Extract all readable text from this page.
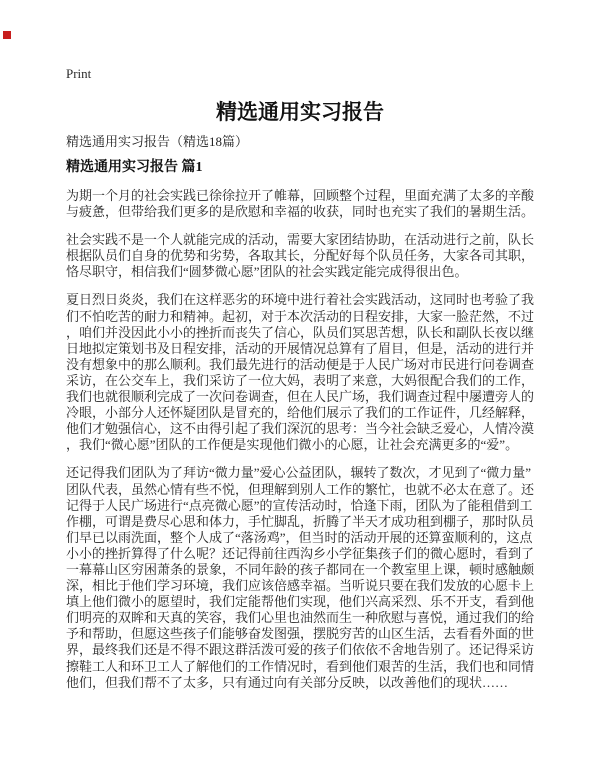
Print
精选通用实习报告
精选通用实习报告（精选18篇）
精选通用实习报告 篇1

为期一个月的社会实践已徐徐拉开了帷幕，回顾整个过程，里面充满了太多的辛酸与疲惫，但带给我们更多的是欣慰和幸福的收获，同时也充实了我们的暑期生活。

社会实践不是一个人就能完成的活动，需要大家团结协助，在活动进行之前，队长根据队员们自身的优势和劣势，各取其长，分配好每个队员任务，大家各司其职，恪尽职守，相信我们“圆梦微心愿”团队的社会实践定能完成得很出色。

夏日烈日炎炎，我们在这样恶劣的环境中进行着社会实践活动，这同时也考验了我们不怕吃苦的耐力和精神。起初，对于本次活动的日程安排，大家一脸茫然，不过，咱们并没因此小小的挫折而丧失了信心，队员们冥思苦想，队长和副队长夜以继日地拟定策划书及日程安排，活动的开展情况总算有了眉目，但是，活动的进行并没有想象中的那么顺利。我们最先进行的活动便是于人民广场对市民进行问卷调查采访，在公交车上，我们采访了一位大妈，表明了来意，大妈很配合我们的工作，我们也就很顺利完成了一次问卷调查，但在人民广场，我们调查过程中屡遭旁人的冷眼，小部分人还怀疑团队是冒充的，给他们展示了我们的工作证件，几经解释，他们才勉强信心，这不由得引起了我们深沉的思考：当今社会缺乏爱心，人情冷漠，我们“微心愿”团队的工作便是实现他们微小的心愿，让社会充满更多的“爱”。

还记得我们团队为了拜访“微力量”爱心公益团队，辗转了数次，才见到了“微力量”团队代表，虽然心情有些不悦，但理解到别人工作的繁忙，也就不必太在意了。还记得于人民广场进行“点亮微心愿”的宣传活动时，恰逢下雨，团队为了能租借到工作棚，可谓是费尽心思和体力，手忙脚乱，折腾了半天才成功租到棚子，那时队员们早已以雨洗面，整个人成了“落汤鸡”，但当时的活动开展的还算蛮顺利的，这点小小的挫折算得了什么呢？还记得前往西沟乡小学征集孩子们的微心愿时，看到了一幕幕山区穷困萧条的景象，不同年龄的孩子都同在一个教室里上课，顿时感触颇深，相比于他们学习环境，我们应该倍感幸福。当听说只要在我们发放的心愿卡上填上他们微小的愿望时，我们定能帮他们实现，他们兴高采烈、乐不开支，看到他们明亮的双眸和天真的笑容，我们心里也油然而生一种欣慰与喜悦，通过我们的给予和帮助，但愿这些孩子们能够奋发图强，摆脱穷苦的山区生活，去看看外面的世界，最终我们还是不得不跟这群活泼可爱的孩子们依依不舍地告别了。还记得采访擦鞋工人和环卫工人了解他们的工作情况时，看到他们艰苦的生活，我们也和同情他们，但我们帮不了太多，只有通过向有关部分反映，以改善他们的现状……
